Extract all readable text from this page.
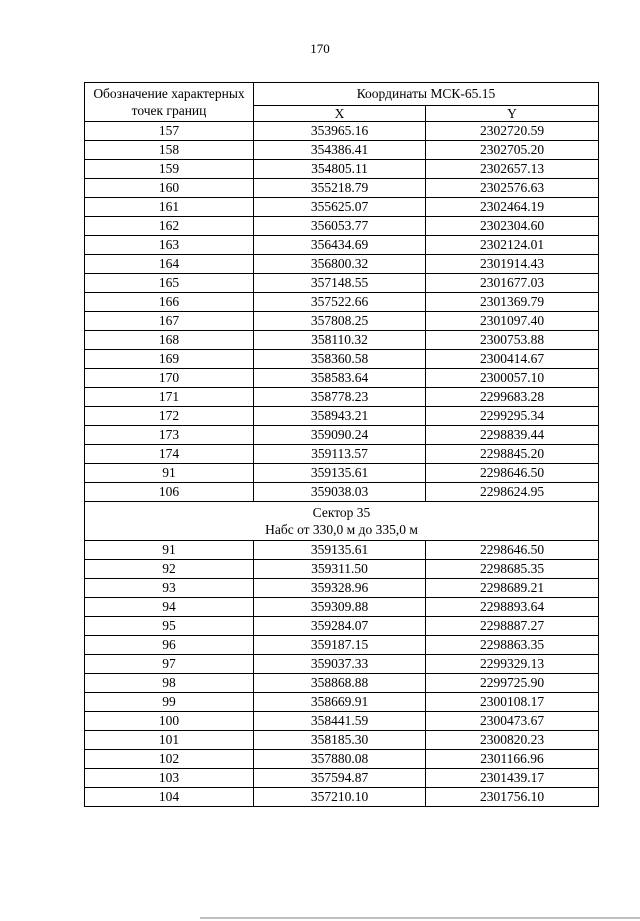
170
Обозначение характерных
точек границ	Координаты МСК-65.15	
	X	Y
157	353965.16	2302720.59
158	354386.41	2302705.20
159	354805.11	2302657.13
160	355218.79	2302576.63
161	355625.07	2302464.19
162	356053.77	2302304.60
163	356434.69	2302124.01
164	356800.32	2301914.43
165	357148.55	2301677.03
166	357522.66	2301369.79
167	357808.25	2301097.40
168	358110.32	2300753.88
169	358360.58	2300414.67
170	358583.64	2300057.10
171	358778.23	2299683.28
172	358943.21	2299295.34
173	359090.24	2298839.44
174	359113.57	2298845.20
91	359135.61	2298646.50
106	359038.03	2298624.95
Сектор 35
Набс от 330,0 м до 335,0 м		
91	359135.61	2298646.50
92	359311.50	2298685.35
93	359328.96	2298689.21
94	359309.88	2298893.64
95	359284.07	2298887.27
96	359187.15	2298863.35
97	359037.33	2299329.13
98	358868.88	2299725.90
99	358669.91	2300108.17
100	358441.59	2300473.67
101	358185.30	2300820.23
102	357880.08	2301166.96
103	357594.87	2301439.17
104	357210.10	2301756.10
